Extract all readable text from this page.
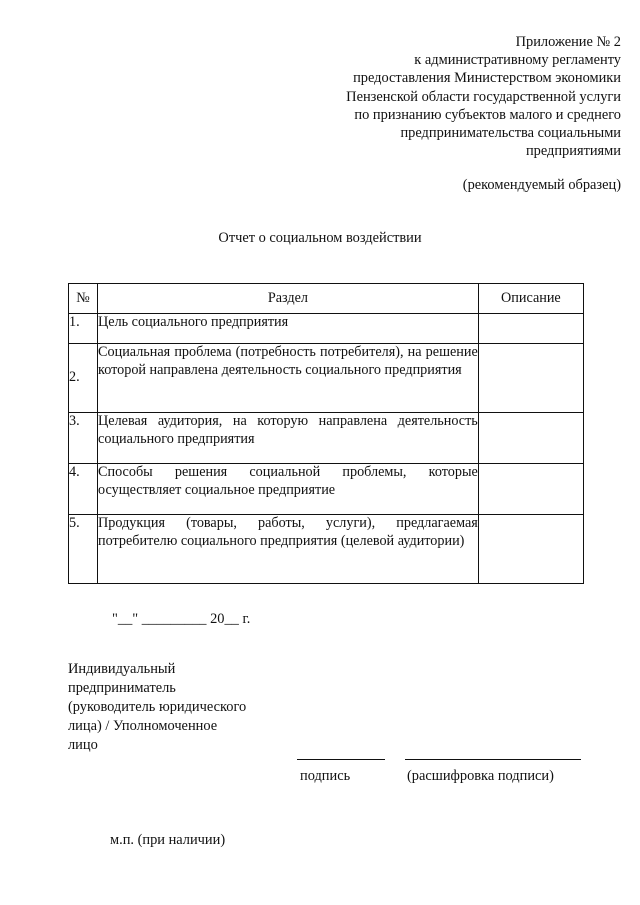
Приложение № 2
к административному регламенту
предоставления Министерством экономики
Пензенской области государственной услуги
по признанию субъектов малого и среднего
предпринимательства социальными
предприятиями
(рекомендуемый образец)
Отчет о социальном воздействии
№	Раздел	Описание
1.	Цель социального предприятия	
2.	Социальная проблема (потребность потребителя), на решение которой направлена деятельность социального предприятия	
3.	Целевая аудитория, на которую направлена деятельность социального предприятия	
4.	Способы решения социальной проблемы, которые осуществляет социальное предприятие	
5.	Продукция (товары, работы, услуги), предлагаемая потребителю социального предприятия (целевой аудитории)	
"__" _________ 20__ г.
Индивидуальный
предприниматель
(руководитель юридического
лица) / Уполномоченное
лицо
подпись	(расшифровка подписи)
м.п. (при наличии)
